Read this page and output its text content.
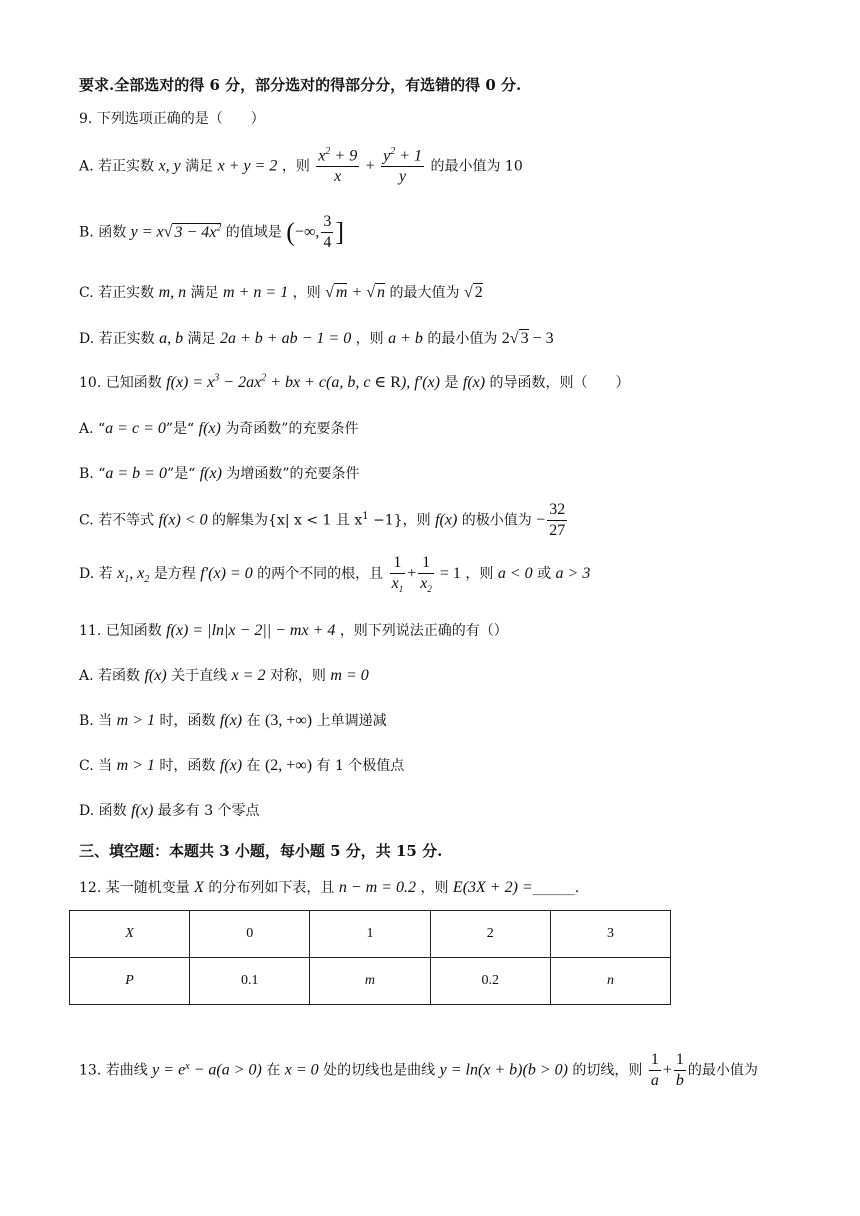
要求.全部选对的得 6 分，部分选对的得部分分，有选错的得 0 分.
9. 下列选项正确的是（　　）
A. 若正实数 x, y 满足 x + y = 2 ，则 $\frac{x^2 + 9}{x} + \frac{y^2 + 1}{y}$ 的最小值为 10
B. 函数 y = x√ $3 - 4x^2$ 的值域是 (−∞, $\frac{3}{4}$ ]
C. 若正实数 m, n 满足 m + n = 1 ，则 √ m + √ n 的最大值为 √ 2
D. 若正实数 a, b 满足 2a + b + ab − 1 = 0 ，则 a + b 的最小值为 2√ 3 − 3
10. 已知函数 $f(x) = x^3 - 2ax^2$ + bx + c(a, b, c ∈ R), f′(x) 是 f(x) 的导函数，则（　　）
A. “a = c = 0”是“ f(x) 为奇函数”的充要条件
B. “a = b = 0”是“ f(x) 为增函数”的充要条件
C. 若不等式 f(x) < 0 的解集为{x| x < 1 且 $x^1 -1$}，则 f(x) 的极小值为 − $\frac{32}{27}$
D. 若 $x_1$, $x_2$ 是方程 f′(x) = 0 的两个不同的根，且 $\frac{1}{x_1} + \frac{1}{x_2} = 1$ ，则 a < 0 或 a > 3
11. 已知函数 f(x) = |ln|x − 2|| − mx + 4 ，则下列说法正确的有（）
A. 若函数 f(x) 关于直线 x = 2 对称，则 m = 0
B. 当 m > 1 时，函数 f(x) 在 (3, +∞) 上单调递减
C. 当 m > 1 时，函数 f(x) 在 (2, +∞) 有 1 个极值点
D. 函数 f(x) 最多有 3 个零点
三、填空题：本题共 3 小题，每小题 5 分，共 15 分.
12. 某一随机变量 X 的分布列如下表，且 n − m = 0.2 ，则 E(3X + 2) =______.
X	0	1	2	3
P	0.1	m	0.2	n
13. 若曲线 $y = e^x - a(a > 0)$ 在 x = 0 处的切线也是曲线 y = ln(x + b)(b > 0) 的切线，则 $\frac{1}{a} + \frac{1}{b}$ 的最小值为
